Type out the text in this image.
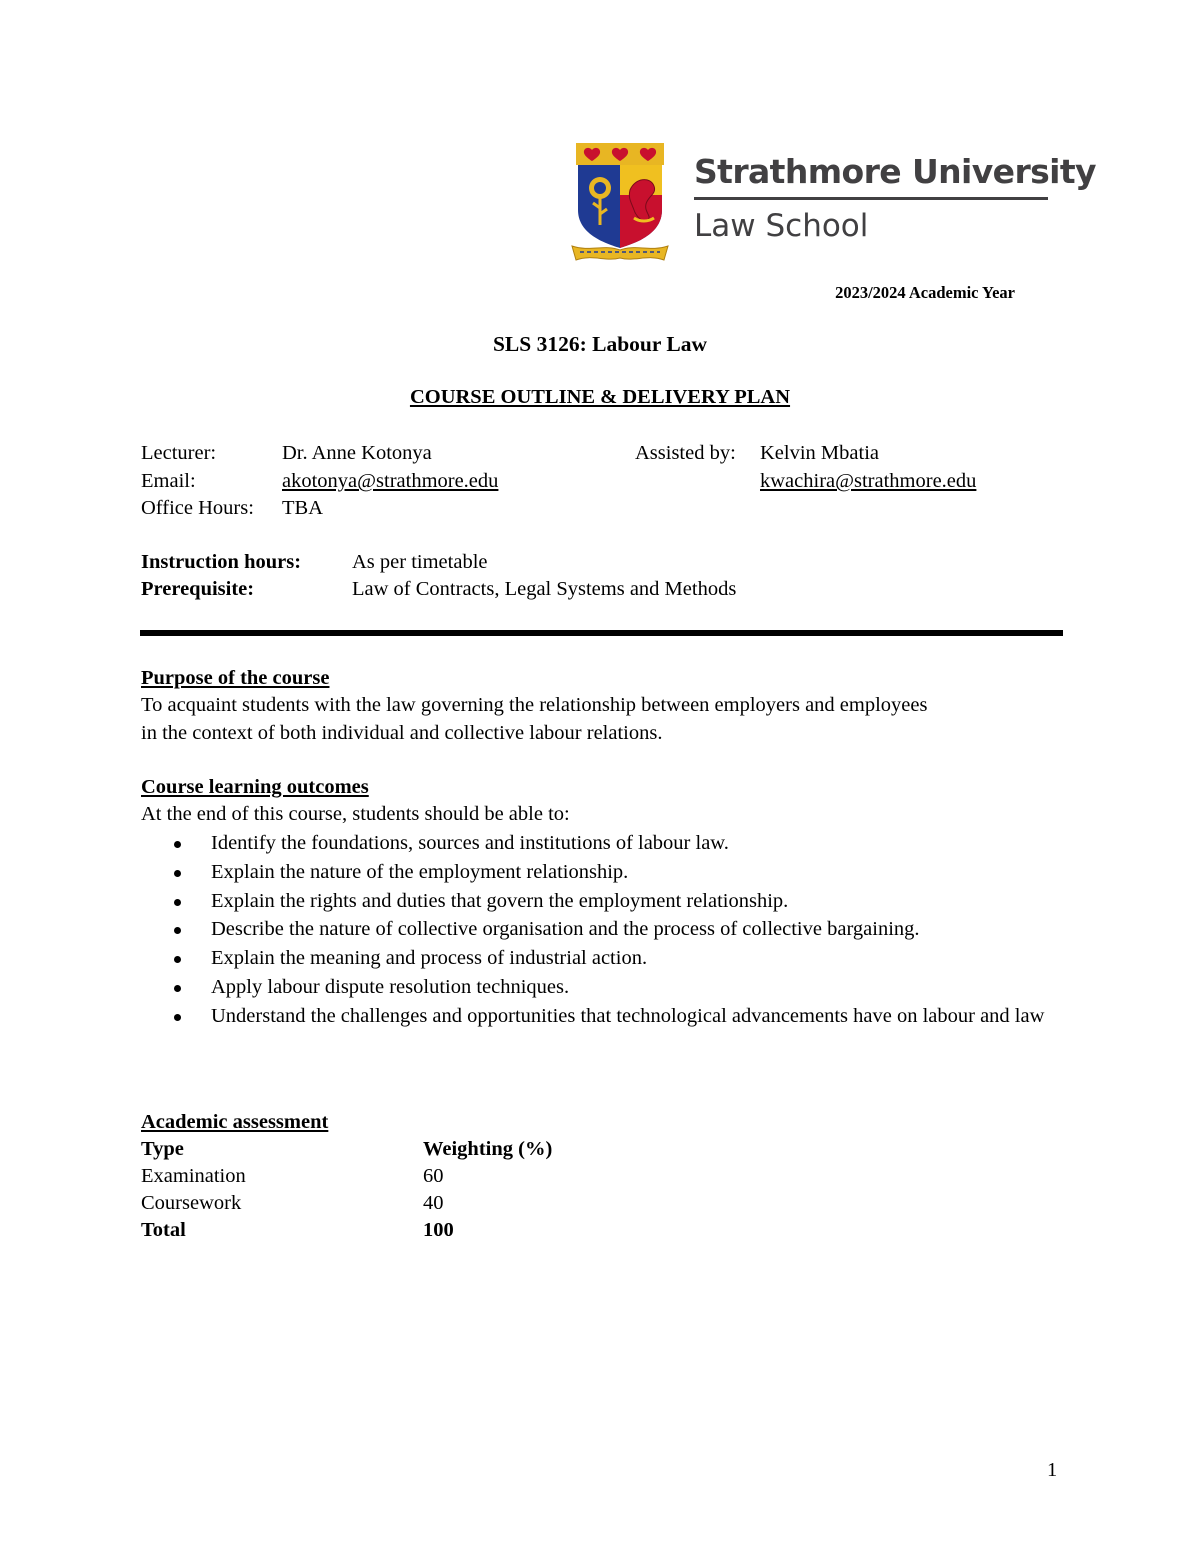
Strathmore University
Law School
2023/2024 Academic Year
SLS 3126: Labour Law
COURSE OUTLINE & DELIVERY PLAN
Lecturer:	Dr. Anne Kotonya	Assisted by: Kelvin Mbatia
Email:	akotonya@strathmore.edu	kwachira@strathmore.edu
Office Hours: TBA
Instruction hours: As per timetable
Prerequisite:	Law of Contracts, Legal Systems and Methods
Purpose of the course
To acquaint students with the law governing the relationship between employers and employees
in the context of both individual and collective labour relations.
Course learning outcomes
At the end of this course, students should be able to:
Identify the foundations, sources and institutions of labour law.
Explain the nature of the employment relationship.
Explain the rights and duties that govern the employment relationship.
Describe the nature of collective organisation and the process of collective bargaining.
Explain the meaning and process of industrial action.
Apply labour dispute resolution techniques.
Understand the challenges and opportunities that technological advancements have on labour and law
Academic assessment
Type	Weighting (%)
Examination	60
Coursework	40
Total	100
1
